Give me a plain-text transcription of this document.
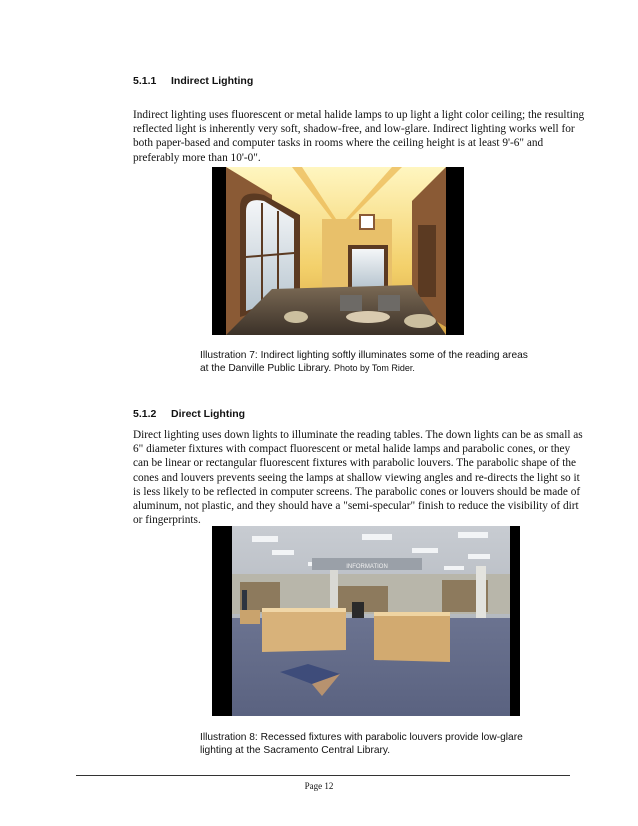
5.1.1 Indirect Lighting

Indirect lighting uses fluorescent or metal halide lamps to up light a light color ceiling; the resulting reflected light is inherently very soft, shadow-free, and low-glare. Indirect lighting works well for both paper-based and computer tasks in rooms where the ceiling height is at least 9'-6" and preferably more than 10'-0".

Illustration 7: Indirect lighting softly illuminates some of the reading areas at the Danville Public Library. Photo by Tom Rider.
5.1.2 Direct Lighting

Direct lighting uses down lights to illuminate the reading tables. The down lights can be as small as 6" diameter fixtures with compact fluorescent or metal halide lamps and parabolic cones, or they can be linear or rectangular fluorescent fixtures with parabolic louvers. The parabolic shape of the cones and louvers prevents seeing the lamps at shallow viewing angles and re-directs the light so it is less likely to be reflected in computer screens. The parabolic cones or louvers should be made of aluminum, not plastic, and they should have a "semi-specular" finish to reduce the visibility of dirt or fingerprints.

INFORMATION
Illustration 8: Recessed fixtures with parabolic louvers provide low-glare lighting at the Sacramento Central Library.
Page 12
